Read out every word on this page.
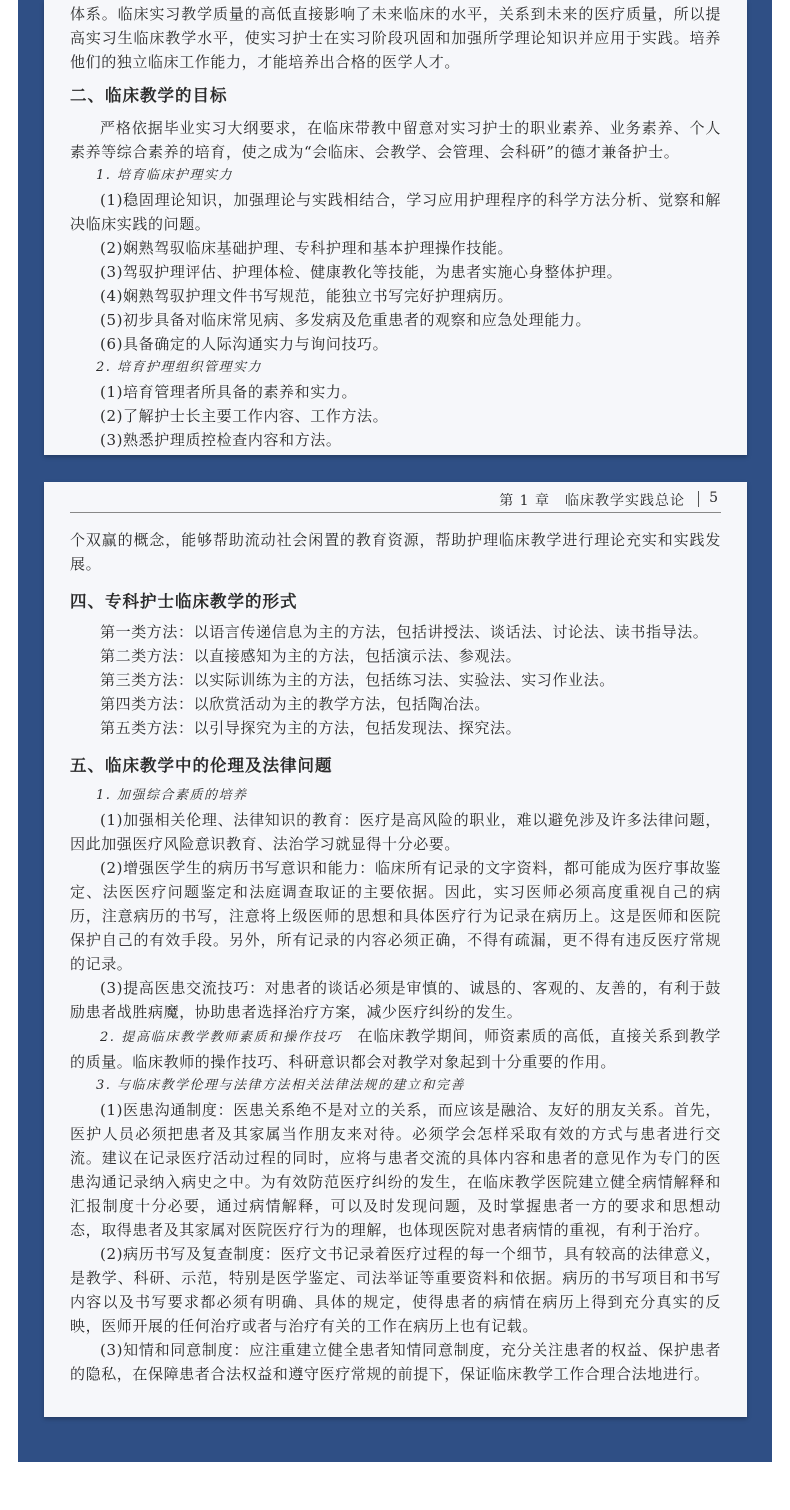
体系。临床实习教学质量的高低直接影响了未来临床的水平，关系到未来的医疗质量，所以提高实习生临床教学水平，使实习护士在实习阶段巩固和加强所学理论知识并应用于实践。培养他们的独立临床工作能力，才能培养出合格的医学人才。

二、临床教学的目标

严格依据毕业实习大纲要求，在临床带教中留意对实习护士的职业素养、业务素养、个人素养等综合素养的培育，使之成为“会临床、会教学、会管理、会科研”的德才兼备护士。

1. 培育临床护理实力

(1)稳固理论知识，加强理论与实践相结合，学习应用护理程序的科学方法分析、觉察和解决临床实践的问题。

(2)娴熟驾驭临床基础护理、专科护理和基本护理操作技能。

(3)驾驭护理评估、护理体检、健康教化等技能，为患者实施心身整体护理。

(4)娴熟驾驭护理文件书写规范，能独立书写完好护理病历。

(5)初步具备对临床常见病、多发病及危重患者的观察和应急处理能力。

(6)具备确定的人际沟通实力与询问技巧。

2. 培育护理组织管理实力

(1)培育管理者所具备的素养和实力。

(2)了解护士长主要工作内容、工作方法。

(3)熟悉护理质控检查内容和方法。

第 1 章　临床教学实践总论 5

个双赢的概念，能够帮助流动社会闲置的教育资源，帮助护理临床教学进行理论充实和实践发展。

四、专科护士临床教学的形式

第一类方法：以语言传递信息为主的方法，包括讲授法、谈话法、讨论法、读书指导法。

第二类方法：以直接感知为主的方法，包括演示法、参观法。

第三类方法：以实际训练为主的方法，包括练习法、实验法、实习作业法。

第四类方法：以欣赏活动为主的教学方法，包括陶冶法。

第五类方法：以引导探究为主的方法，包括发现法、探究法。

五、临床教学中的伦理及法律问题

1. 加强综合素质的培养

(1)加强相关伦理、法律知识的教育：医疗是高风险的职业，难以避免涉及许多法律问题，因此加强医疗风险意识教育、法治学习就显得十分必要。

(2)增强医学生的病历书写意识和能力：临床所有记录的文字资料，都可能成为医疗事故鉴定、法医医疗问题鉴定和法庭调查取证的主要依据。因此，实习医师必须高度重视自己的病历，注意病历的书写，注意将上级医师的思想和具体医疗行为记录在病历上。这是医师和医院保护自己的有效手段。另外，所有记录的内容必须正确，不得有疏漏，更不得有违反医疗常规的记录。

(3)提高医患交流技巧：对患者的谈话必须是审慎的、诚恳的、客观的、友善的，有利于鼓励患者战胜病魔，协助患者选择治疗方案，减少医疗纠纷的发生。

2. 提高临床教学教师素质和操作技巧　在临床教学期间，师资素质的高低，直接关系到教学的质量。临床教师的操作技巧、科研意识都会对教学对象起到十分重要的作用。

3. 与临床教学伦理与法律方法相关法律法规的建立和完善

(1)医患沟通制度：医患关系绝不是对立的关系，而应该是融洽、友好的朋友关系。首先，医护人员必须把患者及其家属当作朋友来对待。必须学会怎样采取有效的方式与患者进行交流。建议在记录医疗活动过程的同时，应将与患者交流的具体内容和患者的意见作为专门的医患沟通记录纳入病史之中。为有效防范医疗纠纷的发生，在临床教学医院建立健全病情解释和汇报制度十分必要，通过病情解释，可以及时发现问题，及时掌握患者一方的要求和思想动态，取得患者及其家属对医院医疗行为的理解，也体现医院对患者病情的重视，有利于治疗。

(2)病历书写及复查制度：医疗文书记录着医疗过程的每一个细节，具有较高的法律意义，是教学、科研、示范，特别是医学鉴定、司法举证等重要资料和依据。病历的书写项目和书写内容以及书写要求都必须有明确、具体的规定，使得患者的病情在病历上得到充分真实的反映，医师开展的任何治疗或者与治疗有关的工作在病历上也有记载。

(3)知情和同意制度：应注重建立健全患者知情同意制度，充分关注患者的权益、保护患者的隐私，在保障患者合法权益和遵守医疗常规的前提下，保证临床教学工作合理合法地进行。
